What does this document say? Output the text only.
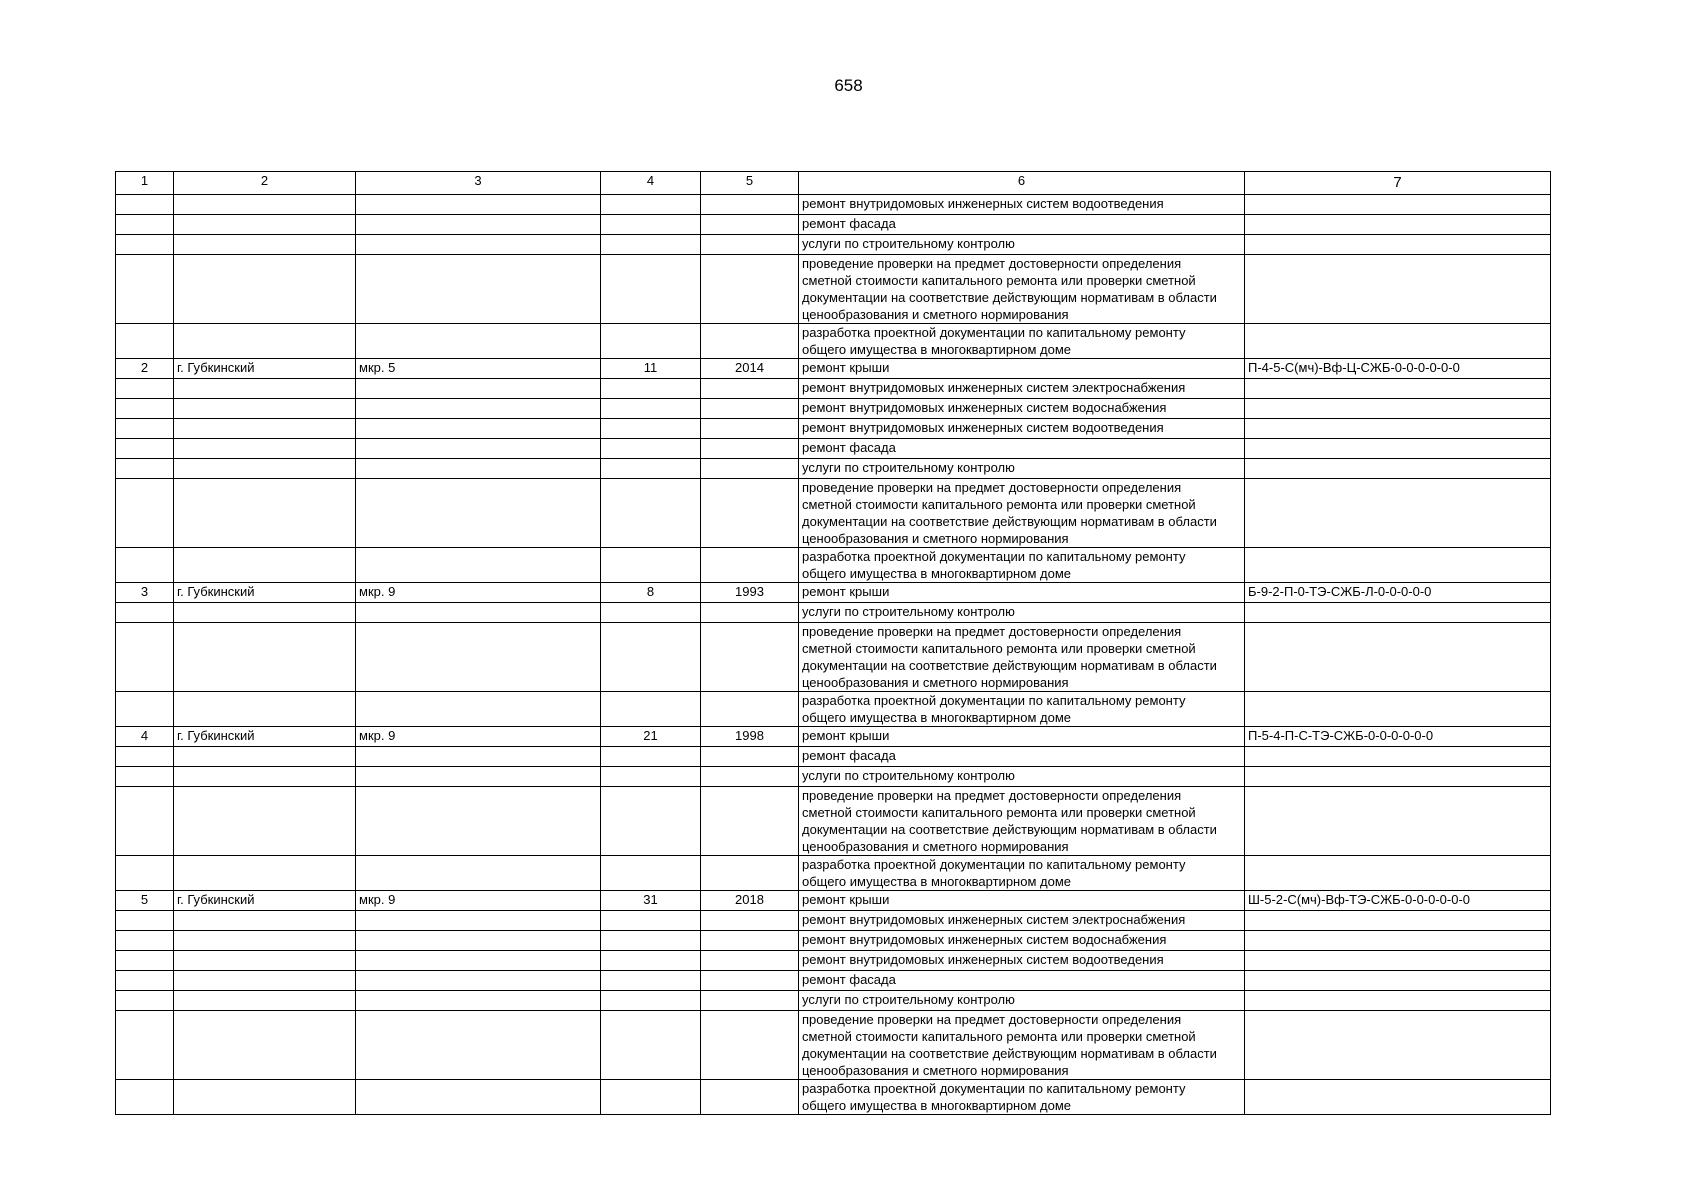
658
1	2	3	4	5	6	7
					ремонт внутридомовых инженерных систем водоотведения	
					ремонт фасада	
					услуги по строительному контролю	
					проведение проверки на предмет достоверности определения
сметной стоимости капитального ремонта или проверки сметной
документации на соответствие действующим нормативам в области
ценообразования и сметного нормирования	
					разработка проектной документации по капитальному ремонту
общего имущества в многоквартирном доме	
2	г. Губкинский	мкр. 5	11	2014	ремонт крыши	П-4-5-С(мч)-Вф-Ц-СЖБ-0-0-0-0-0-0
					ремонт внутридомовых инженерных систем электроснабжения	
					ремонт внутридомовых инженерных систем водоснабжения	
					ремонт внутридомовых инженерных систем водоотведения	
					ремонт фасада	
					услуги по строительному контролю	
					проведение проверки на предмет достоверности определения
сметной стоимости капитального ремонта или проверки сметной
документации на соответствие действующим нормативам в области
ценообразования и сметного нормирования	
					разработка проектной документации по капитальному ремонту
общего имущества в многоквартирном доме	
3	г. Губкинский	мкр. 9	8	1993	ремонт крыши	Б-9-2-П-0-ТЭ-СЖБ-Л-0-0-0-0-0
					услуги по строительному контролю	
					проведение проверки на предмет достоверности определения
сметной стоимости капитального ремонта или проверки сметной
документации на соответствие действующим нормативам в области
ценообразования и сметного нормирования	
					разработка проектной документации по капитальному ремонту
общего имущества в многоквартирном доме	
4	г. Губкинский	мкр. 9	21	1998	ремонт крыши	П-5-4-П-С-ТЭ-СЖБ-0-0-0-0-0-0
					ремонт фасада	
					услуги по строительному контролю	
					проведение проверки на предмет достоверности определения
сметной стоимости капитального ремонта или проверки сметной
документации на соответствие действующим нормативам в области
ценообразования и сметного нормирования	
					разработка проектной документации по капитальному ремонту
общего имущества в многоквартирном доме	
5	г. Губкинский	мкр. 9	31	2018	ремонт крыши	Ш-5-2-С(мч)-Вф-ТЭ-СЖБ-0-0-0-0-0-0
					ремонт внутридомовых инженерных систем электроснабжения	
					ремонт внутридомовых инженерных систем водоснабжения	
					ремонт внутридомовых инженерных систем водоотведения	
					ремонт фасада	
					услуги по строительному контролю	
					проведение проверки на предмет достоверности определения
сметной стоимости капитального ремонта или проверки сметной
документации на соответствие действующим нормативам в области
ценообразования и сметного нормирования	
					разработка проектной документации по капитальному ремонту
общего имущества в многоквартирном доме	
